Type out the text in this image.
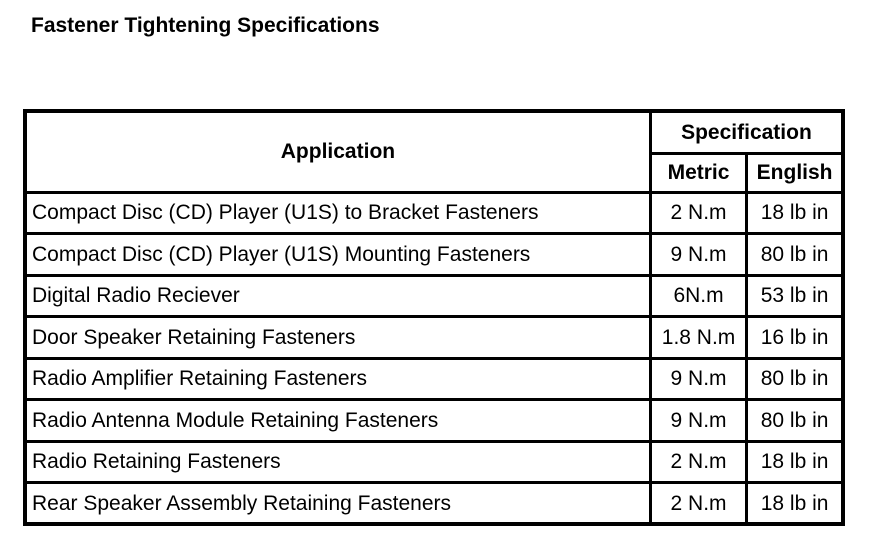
Fastener Tightening Specifications
Application	Specification	
	Metric	English
Compact Disc (CD) Player (U1S) to Bracket Fasteners	2 N.m	18 lb in
Compact Disc (CD) Player (U1S) Mounting Fasteners	9 N.m	80 lb in
Digital Radio Reciever	6N.m	53 lb in
Door Speaker Retaining Fasteners	1.8 N.m	16 lb in
Radio Amplifier Retaining Fasteners	9 N.m	80 lb in
Radio Antenna Module Retaining Fasteners	9 N.m	80 lb in
Radio Retaining Fasteners	2 N.m	18 lb in
Rear Speaker Assembly Retaining Fasteners	2 N.m	18 lb in
